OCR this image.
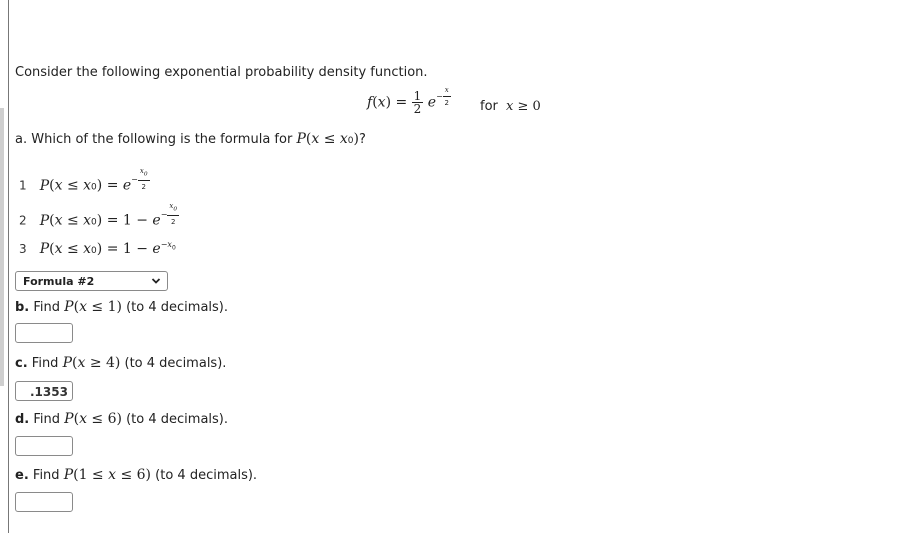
Consider the following exponential probability density function.
$f(x) = \frac{1}{2} e^{- \frac{x}{2}}$ for x ≥ 0
a. Which of the following is the formula for P(x ≤ x0)?
1 $P(x \le x0) = e^{- \frac{x_0}{2}}$
2 $P(x \le x0) = 1 - e^{- \frac{x_0}{2}}$
3 $P(x \le x0) = 1 - e^{-x_0}$
Formula #2
b. Find P(x ≤ 1) (to 4 decimals).
c. Find P(x ≥ 4) (to 4 decimals).
.1353
d. Find P(x ≤ 6) (to 4 decimals).
e. Find P(1 ≤ x ≤ 6) (to 4 decimals).
